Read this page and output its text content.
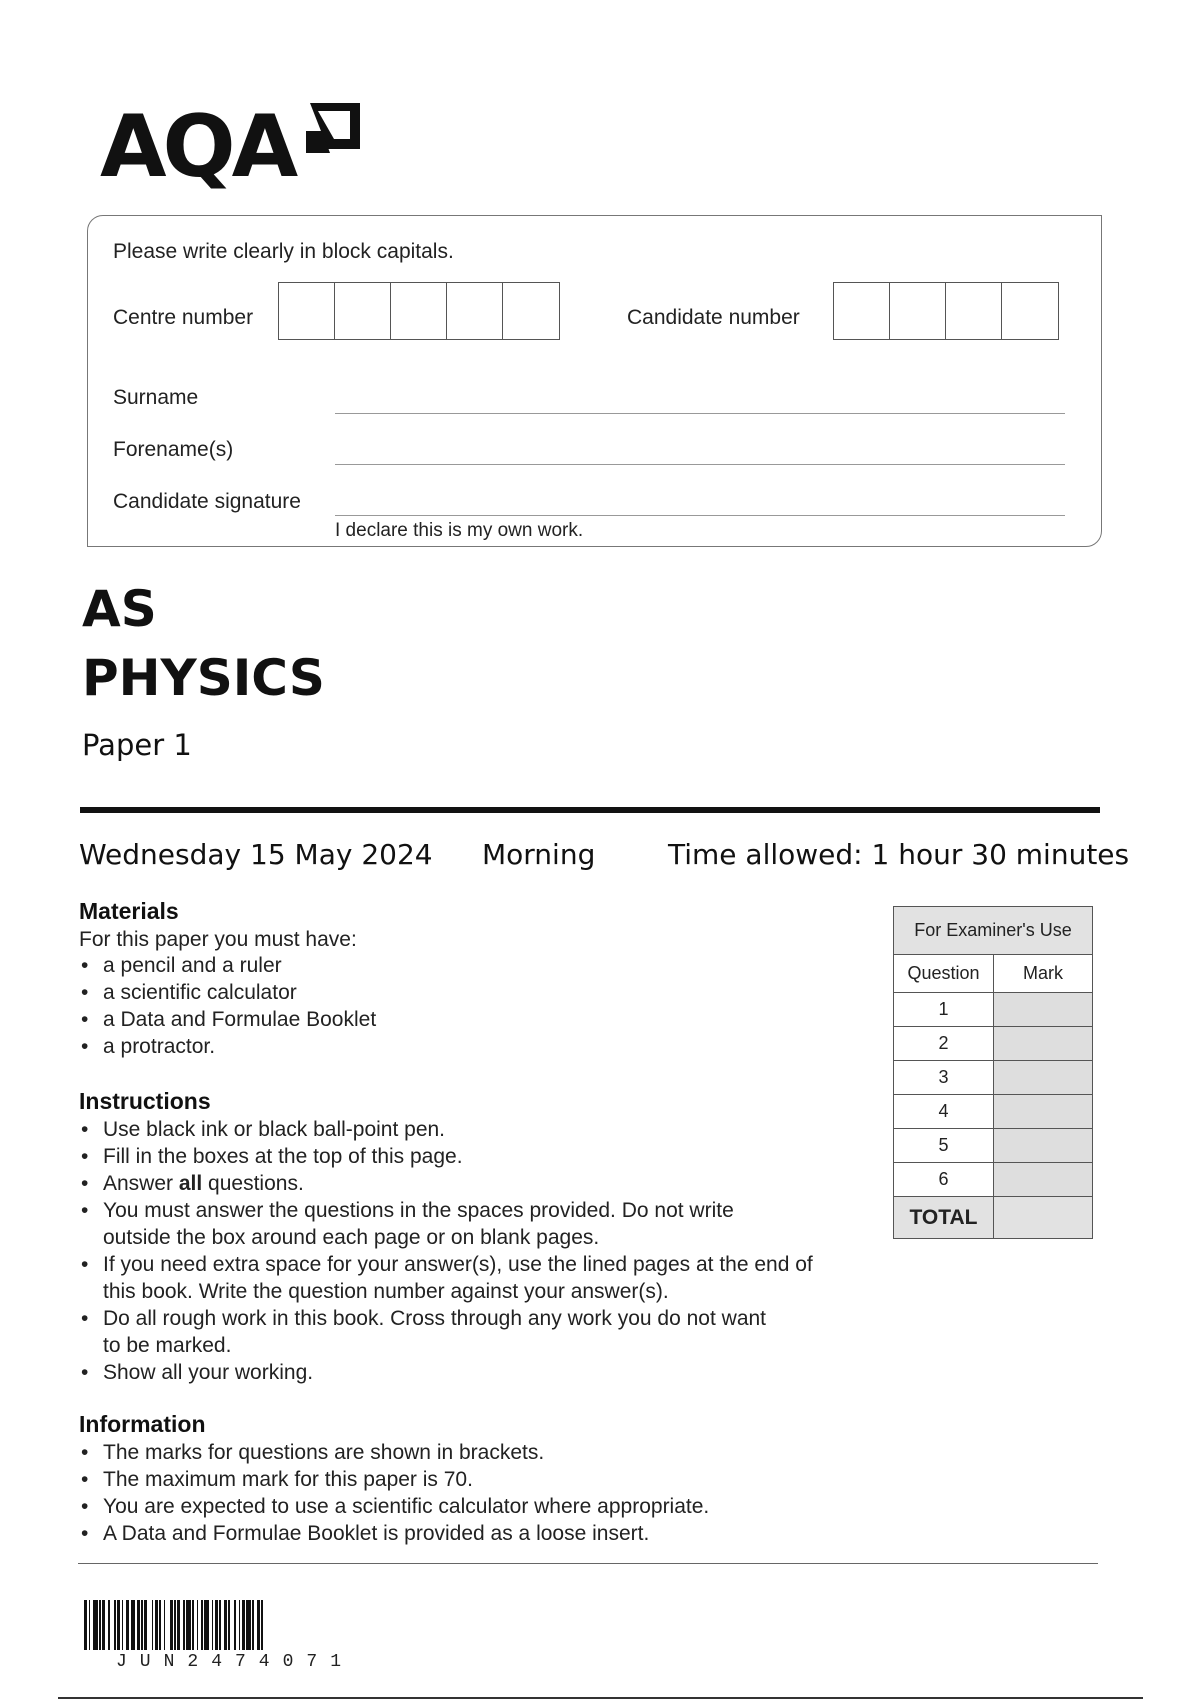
AQA
Please write clearly in block capitals.
Centre number	Candidate number
Surname
Forename(s)
Candidate signature
I declare this is my own work.
AS
PHYSICS
Paper 1
Wednesday 15 May 2024 Morning	Time allowed: 1 hour 30 minutes
Materials
For this paper you must have:
• a pencil and a ruler
• a scientific calculator
• a Data and Formulae Booklet
• a protractor.
Instructions
• Use black ink or black ball-point pen.
• Fill in the boxes at the top of this page.
• Answer all questions.
• You must answer the questions in the spaces provided. Do not write
outside the box around each page or on blank pages.
• If you need extra space for your answer(s), use the lined pages at the end of
this book. Write the question number against your answer(s).
• Do all rough work in this book. Cross through any work you do not want
to be marked.
• Show all your working.
Information
• The marks for questions are shown in brackets.
• The maximum mark for this paper is 70.
• You are expected to use a scientific calculator where appropriate.
• A Data and Formulae Booklet is provided as a loose insert.
For Examiner's Use	
Question	Mark
1	
2	
3	
4	
5	
6	
TOTAL	
JUN2474071
